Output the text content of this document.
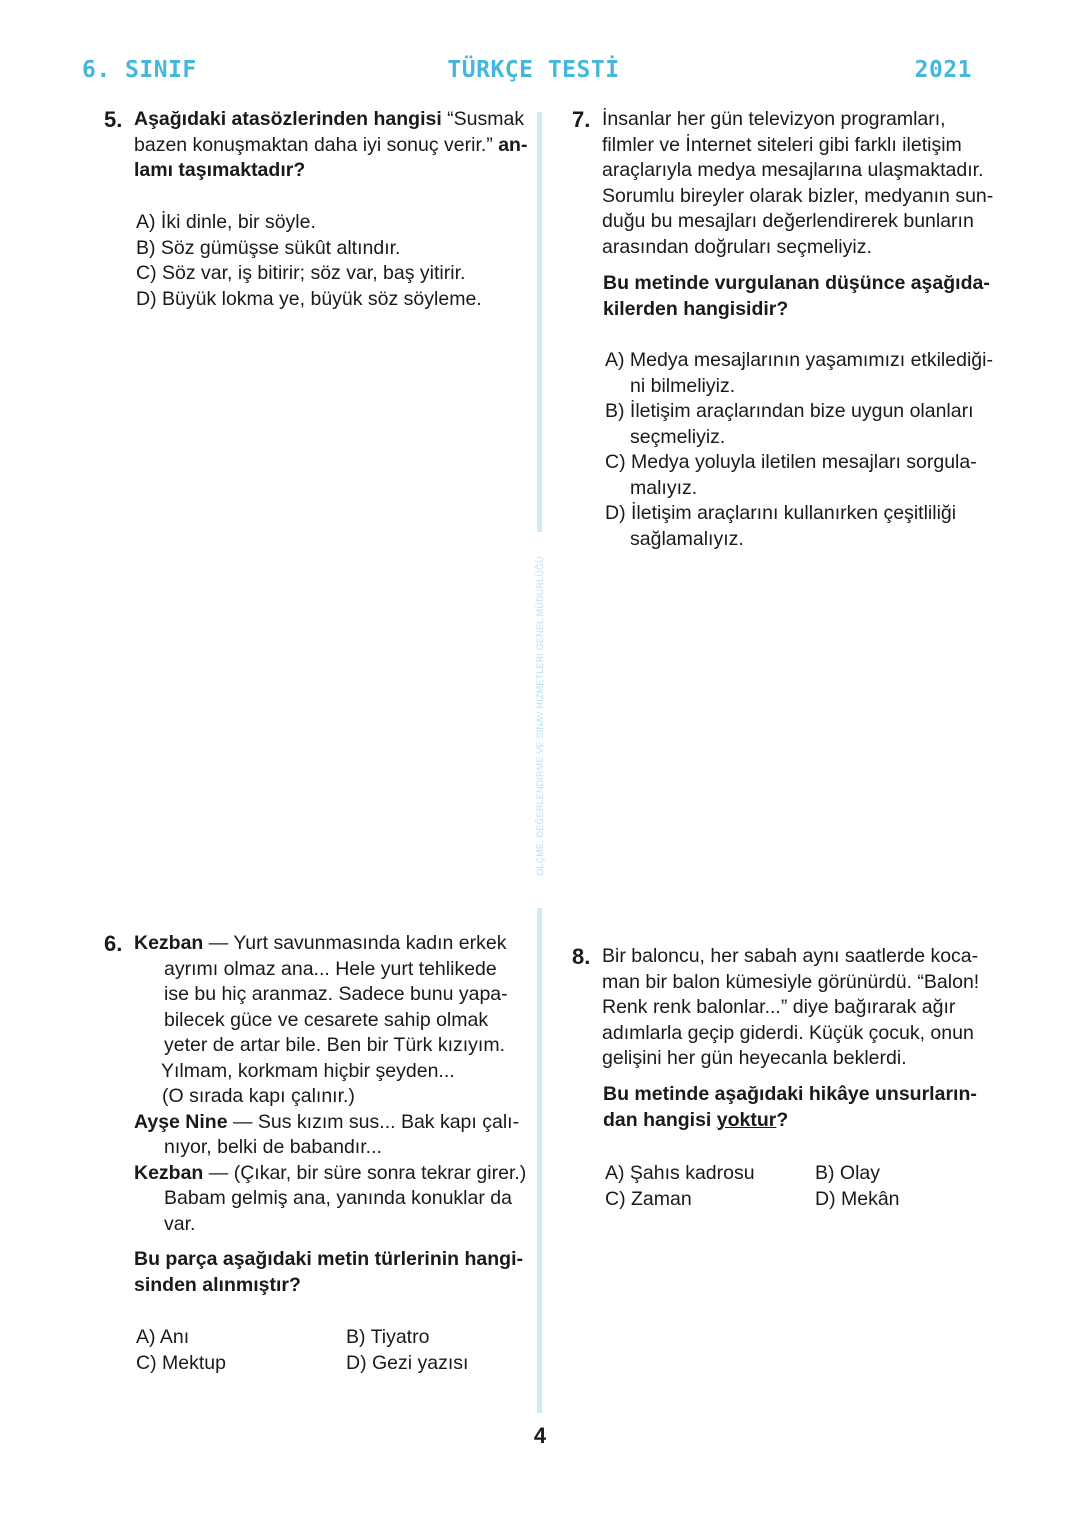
6. SINIF	TÜRKÇE TESTİ	2021
ÖLÇME, DEĞERLENDİRME VE SINAV HİZMETLERİ GENEL MÜDÜRLÜĞÜ
5. Aşağıdaki atasözlerinden hangisi “Susmak
bazen konuşmaktan daha iyi sonuç verir.” an-
lamı taşımaktadır?
A) İki dinle, bir söyle.
B) Söz gümüşse sükût altındır.
C) Söz var, iş bitirir; söz var, baş yitirir.
D) Büyük lokma ye, büyük söz söyleme.
7. İnsanlar her gün televizyon programları,
filmler ve İnternet siteleri gibi farklı iletişim
araçlarıyla medya mesajlarına ulaşmaktadır.
Sorumlu bireyler olarak bizler, medyanın sun-
duğu bu mesajları değerlendirerek bunların
arasından doğruları seçmeliyiz.
Bu metinde vurgulanan düşünce aşağıda-
kilerden hangisidir?
A) Medya mesajlarının yaşamımızı etkilediği-
ni bilmeliyiz.
B) İletişim araçlarından bize uygun olanları
seçmeliyiz.
C) Medya yoluyla iletilen mesajları sorgula-
malıyız.
D) İletişim araçlarını kullanırken çeşitliliği
sağlamalıyız.
6. Kezban — Yurt savunmasında kadın erkek
ayrımı olmaz ana... Hele yurt tehlikede
ise bu hiç aranmaz. Sadece bunu yapa-
bilecek güce ve cesarete sahip olmak
yeter de artar bile. Ben bir Türk kızıyım.
Yılmam, korkmam hiçbir şeyden...
(O sırada kapı çalınır.)
Ayşe Nine — Sus kızım sus... Bak kapı çalı-
nıyor, belki de babandır...
Kezban — (Çıkar, bir süre sonra tekrar girer.)
Babam gelmiş ana, yanında konuklar da
var.
Bu parça aşağıdaki metin türlerinin hangi-
sinden alınmıştır?
A) Anı	B) Tiyatro
C) Mektup	D) Gezi yazısı
8. Bir baloncu, her sabah aynı saatlerde koca-
man bir balon kümesiyle görünürdü. “Balon!
Renk renk balonlar...” diye bağırarak ağır
adımlarla geçip giderdi. Küçük çocuk, onun
gelişini her gün heyecanla beklerdi.
Bu metinde aşağıdaki hikâye unsurların-
dan hangisi yoktur?
A) Şahıs kadrosu	B) Olay
C) Zaman	D) Mekân
4
